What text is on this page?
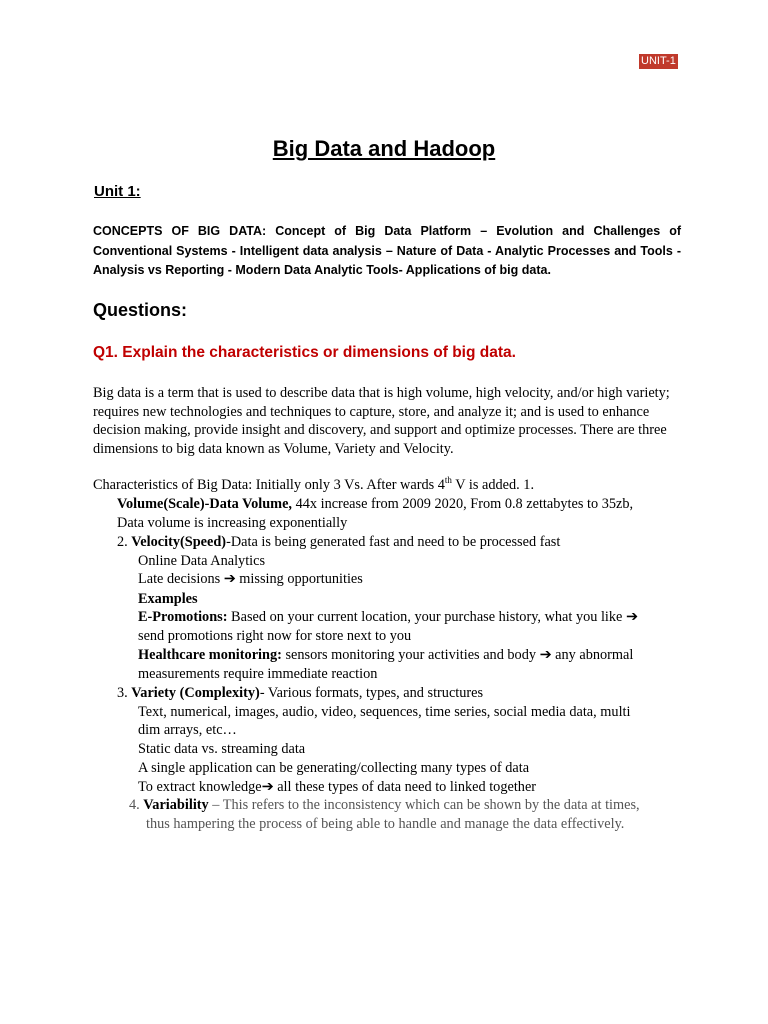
UNIT-1
Big Data and Hadoop
Unit 1:

CONCEPTS OF BIG DATA: Concept of Big Data Platform – Evolution and Challenges of Conventional Systems - Intelligent data analysis – Nature of Data - Analytic Processes and Tools - Analysis vs Reporting - Modern Data Analytic Tools- Applications of big data.

Questions:
Q1. Explain the characteristics or dimensions of big data.

Big data is a term that is used to describe data that is high volume, high velocity, and/or high variety; requires new technologies and techniques to capture, store, and analyze it; and is used to enhance decision making, provide insight and discovery, and support and optimize processes. There are three dimensions to big data known as Volume, Variety and Velocity.

Characteristics of Big Data: Initially only 3 Vs. After wards 4th V is added. 1.
Volume(Scale)-Data Volume, 44x increase from 2009 2020, From 0.8 zettabytes to 35zb,
Data volume is increasing exponentially
2. Velocity(Speed)-Data is being generated fast and need to be processed fast
Online Data Analytics
Late decisions ➔ missing opportunities
Examples
E-Promotions: Based on your current location, your purchase history, what you like ➔
send promotions right now for store next to you
Healthcare monitoring: sensors monitoring your activities and body ➔ any abnormal
measurements require immediate reaction
3. Variety (Complexity)- Various formats, types, and structures
Text, numerical, images, audio, video, sequences, time series, social media data, multi
dim arrays, etc…
Static data vs. streaming data
A single application can be generating/collecting many types of data
To extract knowledge➔ all these types of data need to linked together
4. Variability – This refers to the inconsistency which can be shown by the data at times,
thus hampering the process of being able to handle and manage the data effectively.
